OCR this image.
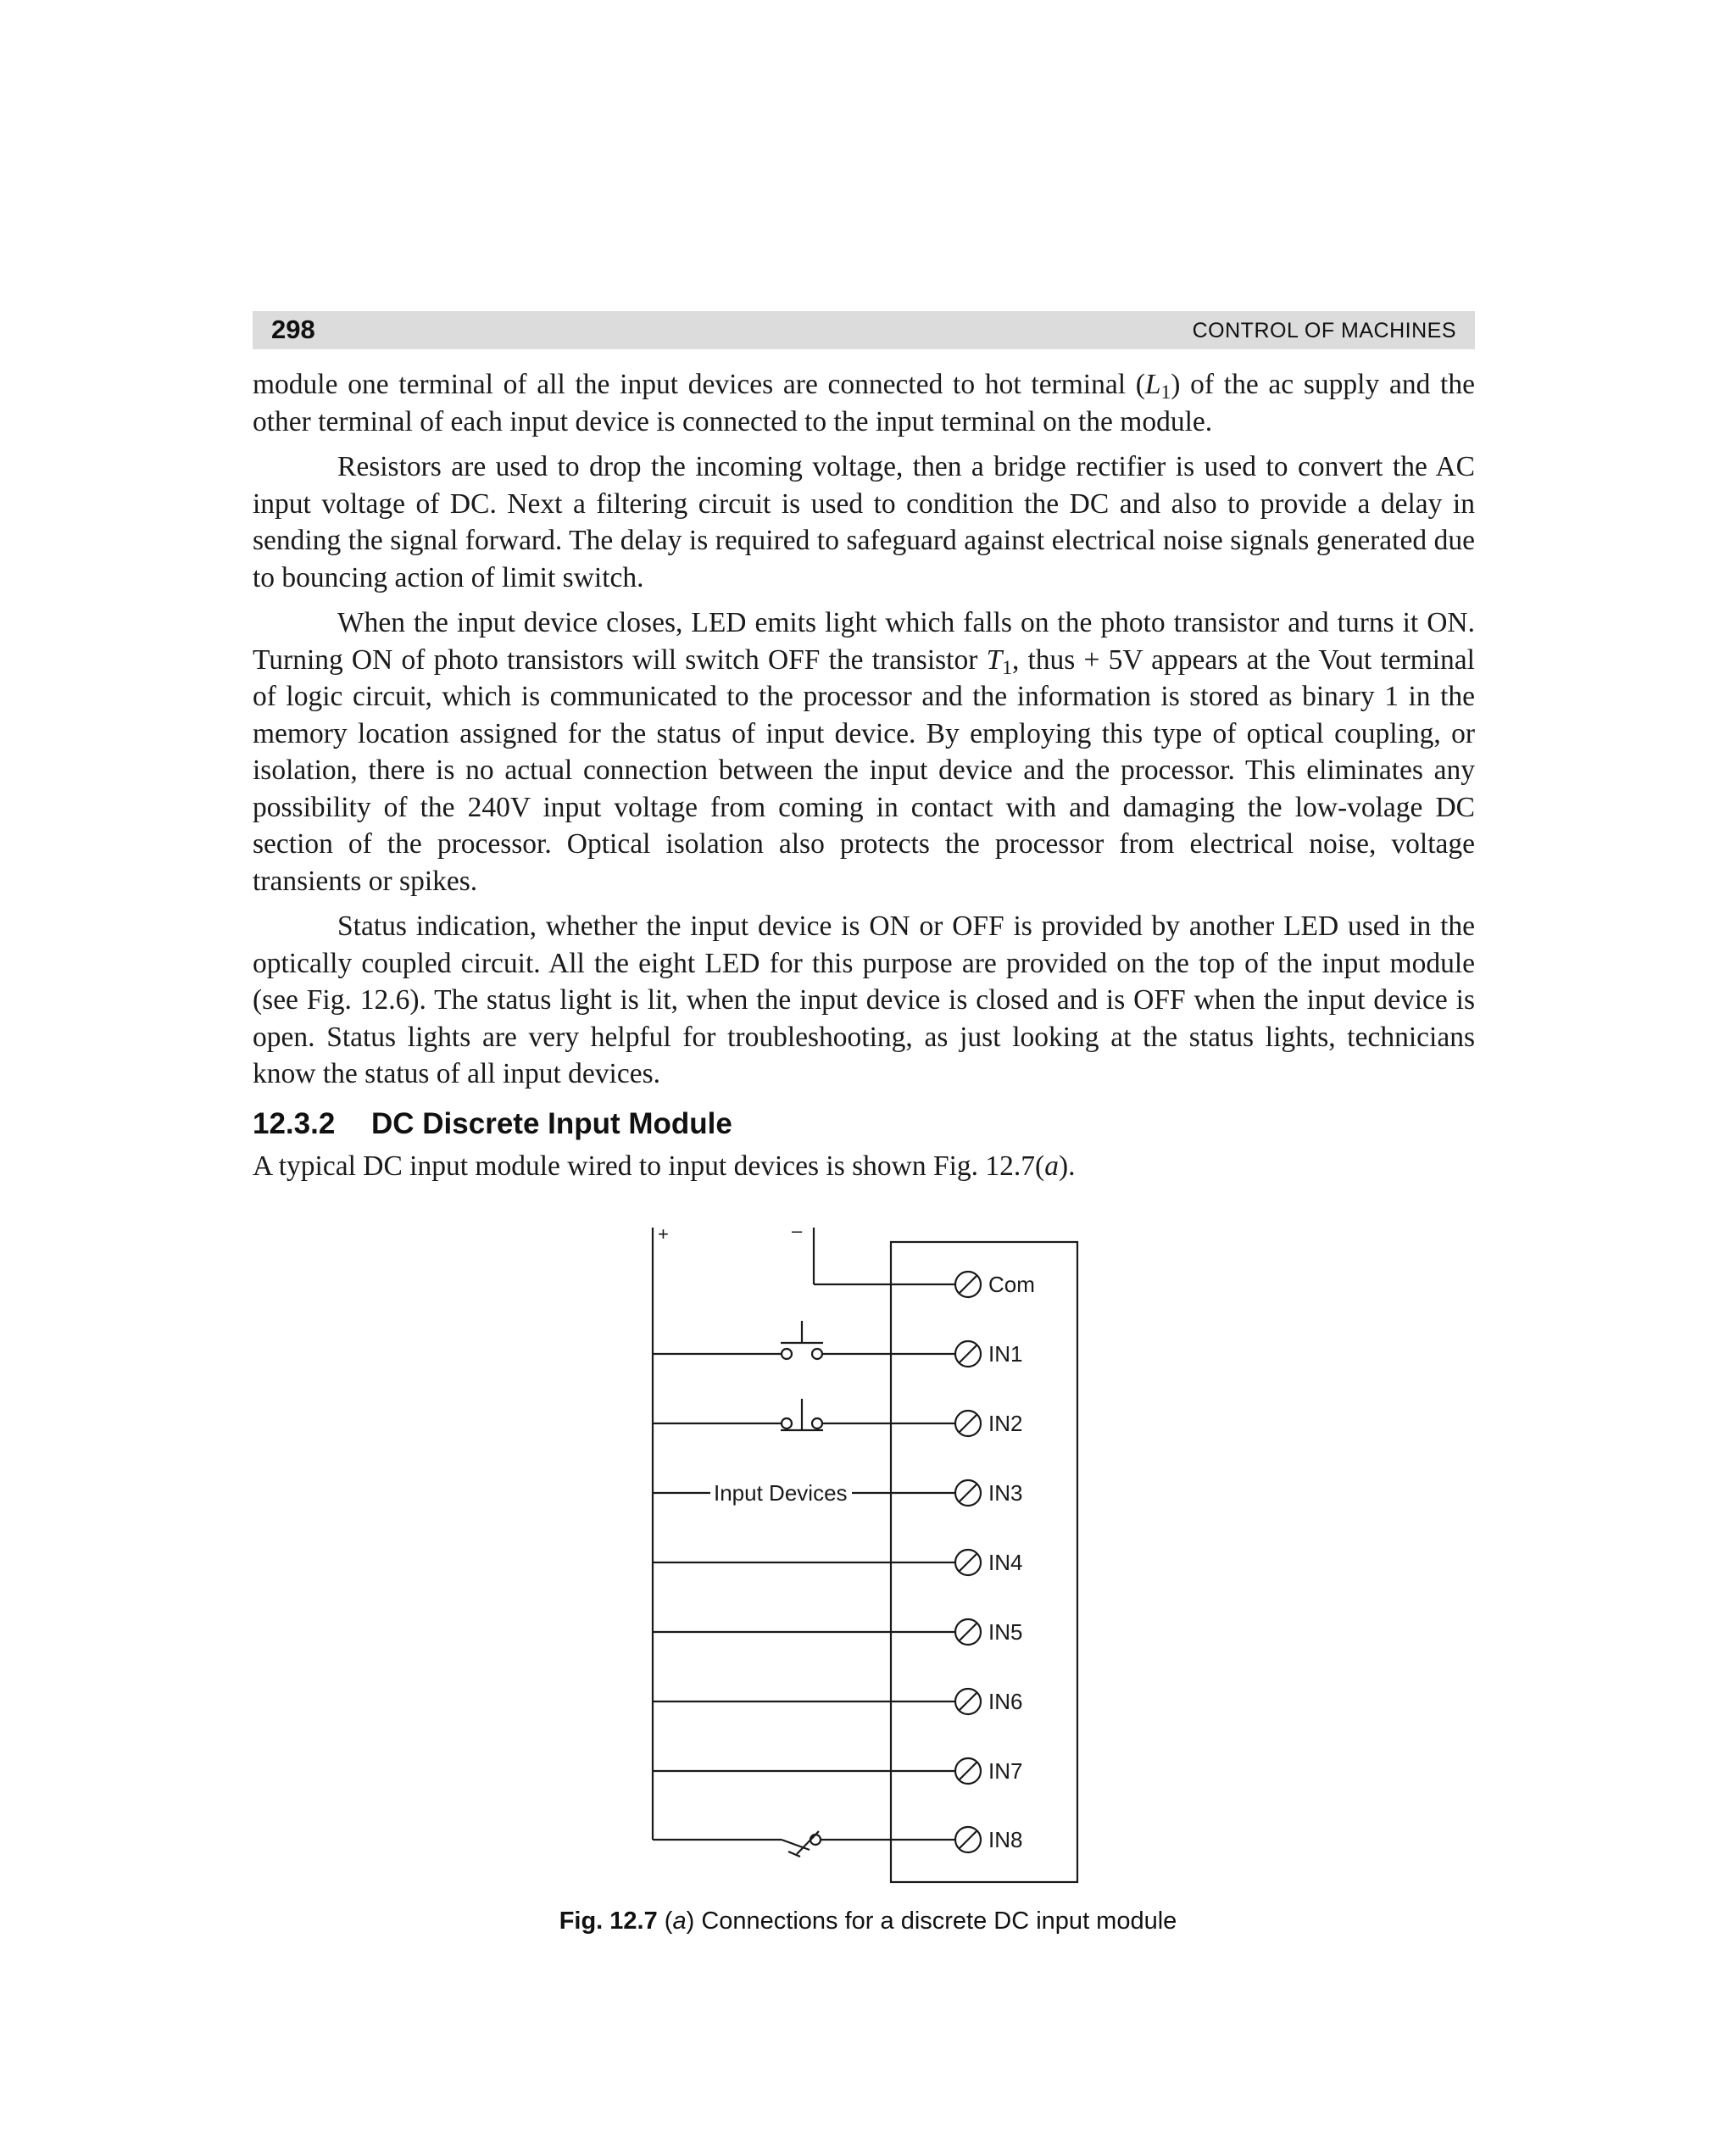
298	CONTROL OF MACHINES

module one terminal of all the input devices are connected to hot terminal $(L_1)$ of the ac supply and the other terminal of each input device is connected to the input terminal on the module.

Resistors are used to drop the incoming voltage, then a bridge rectifier is used to convert the AC input voltage of DC. Next a filtering circuit is used to condition the DC and also to provide a delay in sending the signal forward. The delay is required to safeguard against electrical noise signals generated due to bouncing action of limit switch.

When the input device closes, LED emits light which falls on the photo transistor and turns it ON. Turning ON of photo transistors will switch OFF the transistor $T_1$, thus + 5V appears at the Vout terminal of logic circuit, which is communicated to the processor and the information is stored as binary 1 in the memory location assigned for the status of input device. By employing this type of optical coupling, or isolation, there is no actual connection between the input device and the processor. This eliminates any possibility of the 240V input voltage from coming in contact with and damaging the low-volage DC section of the processor. Optical isolation also protects the processor from electrical noise, voltage transients or spikes.

Status indication, whether the input device is ON or OFF is provided by another LED used in the optically coupled circuit. All the eight LED for this purpose are provided on the top of the input module (see Fig. 12.6). The status light is lit, when the input device is closed and is OFF when the input device is open. Status lights are very helpful for troubleshooting, as just looking at the status lights, technicians know the status of all input devices.

12.3.2 DC Discrete Input Module
A typical DC input module wired to input devices is shown Fig. 12.7(a).
+	–
Input Devices
Com
IN1
IN2
IN3
IN4
IN5
IN6
IN7
IN8
Fig. 12.7 (a) Connections for a discrete DC input module
